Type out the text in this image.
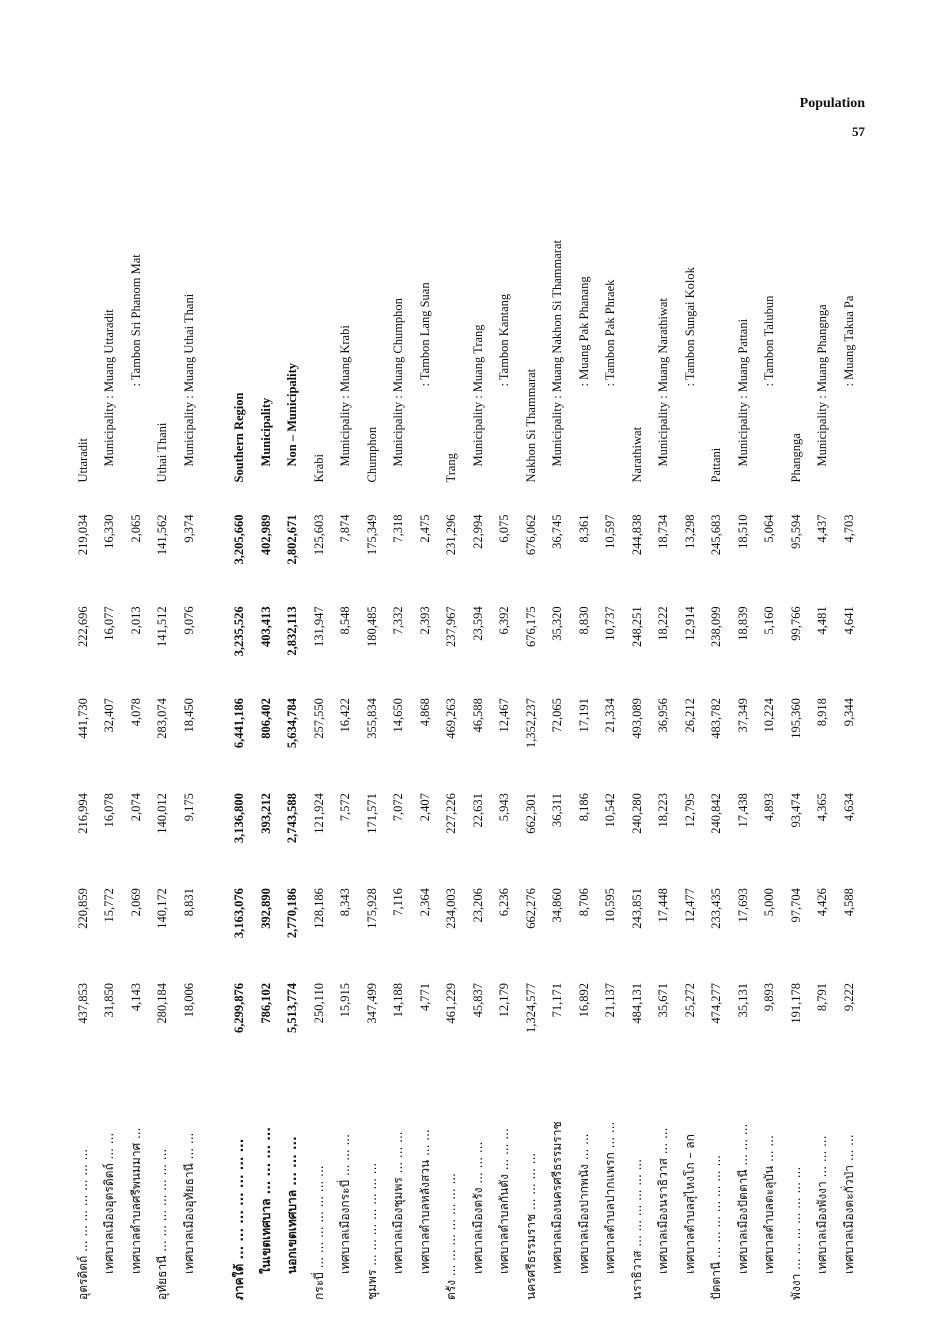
Population
57
อุตรดิตถ์ ... ... ... ... ... ... ...	437,853	220,859	216,994	441,730	222,696	219,034	Uttaradit
เทศบาลเมืองอุตรดิตถ์ ... ...	31,850	15,772	16,078	32,407	16,077	16,330	Municipality : Muang Uttaradit
เทศบาลตำบลศรีพนมมาศ ...	4,143	2,069	2,074	4,078	2,013	2,065	: Tambon Sri Phanom Mat
อุทัยธานี ... ... ... ... ... ... ...	280,184	140,172	140,012	283,074	141,512	141,562	Uthai Thani
เทศบาลเมืองอุทัยธานี ... ...	18,006	8,831	9,175	18,450	9,076	9,374	Municipality : Muang Uthai Thani

ภาคใต้ ... ... ... ... ... ... ...	6,299,876	3,163,076	3,136,800	6,441,186	3,235,526	3,205,660	Southern Region
ในเขตเทศบาล ... ... ... ...	786,102	392,890	393,212	806,402	403,413	402,989	Municipality
นอกเขตเทศบาล ... ... ...	5,513,774	2,770,186	2,743,588	5,634,784	2,832,113	2,802,671	Non – Municipality
กระบี่ ... ... ... ... ... ... ...	250,110	128,186	121,924	257,550	131,947	125,603	Krabi
เทศบาลเมืองกระบี่ ... ... ...	15,915	8,343	7,572	16,422	8,548	7,874	Municipality : Muang Krabi
ชุมพร ... ... ... ... ... ... ...	347,499	175,928	171,571	355,834	180,485	175,349	Chumphon
เทศบาลเมืองชุมพร ... ... ...	14,188	7,116	7,072	14,650	7,332	7,318	Municipality : Muang Chumphon
เทศบาลตำบลหลังสวน ... ...	4,771	2,364	2,407	4,868	2,393	2,475	: Tambon Lang Suan
ตรัง ... ... ... ... ... ... ...	461,229	234,003	227,226	469,263	237,967	231,296	Trang
เทศบาลเมืองตรัง ... ... ...	45,837	23,206	22,631	46,588	23,594	22,994	Municipality : Muang Trang
เทศบาลตำบลกันตัง ... ... ...	12,179	6,236	5,943	12,467	6,392	6,075	: Tambon Kantang
นครศรีธรรมราช ... ... ... ...	1,324,577	662,276	662,301	1,352,237	676,175	676,062	Nakhon Si Thammarat
เทศบาลเมืองนครศรีธรรมราช	71,171	34,860	36,311	72,065	35,320	36,745	Municipality : Muang Nakhon Si Thammarat
เทศบาลเมืองปากพนัง ... ...	16,892	8,706	8,186	17,191	8,830	8,361	: Muang Pak Phanang
เทศบาลตำบลปากแพรก ... ...	21,137	10,595	10,542	21,334	10,737	10,597	: Tambon Pak Phraek
นราธิวาส ... ... ... ... ... ...	484,131	243,851	240,280	493,089	248,251	244,838	Narathiwat
เทศบาลเมืองนราธิวาส ... ...	35,671	17,448	18,223	36,956	18,222	18,734	Municipality : Muang Narathiwat
เทศบาลตำบลสุไหงโก – ลก	25,272	12,477	12,795	26,212	12,914	13,298	: Tambon Sungai Kolok
ปัตตานี ... ... ... ... ... ... ...	474,277	233,435	240,842	483,782	238,099	245,683	Pattani
เทศบาลเมืองปัตตานี ... ... ...	35,131	17,693	17,438	37,349	18,839	18,510	Municipality : Muang Pattani
เทศบาลตำบลตะลุบัน ... ...	9,893	5,000	4,893	10,224	5,160	5,064	: Tambon Talubun
พังงา ... ... ... ... ... ... ...	191,178	97,704	93,474	195,360	99,766	95,594	Phangnga
เทศบาลเมืองพังงา ... ... ...	8,791	4,426	4,365	8,918	4,481	4,437	Municipality : Muang Phangnga
เทศบาลเมืองตะกั่วป่า ... ...	9,222	4,588	4,634	9,344	4,641	4,703	: Muang Takua Pa
